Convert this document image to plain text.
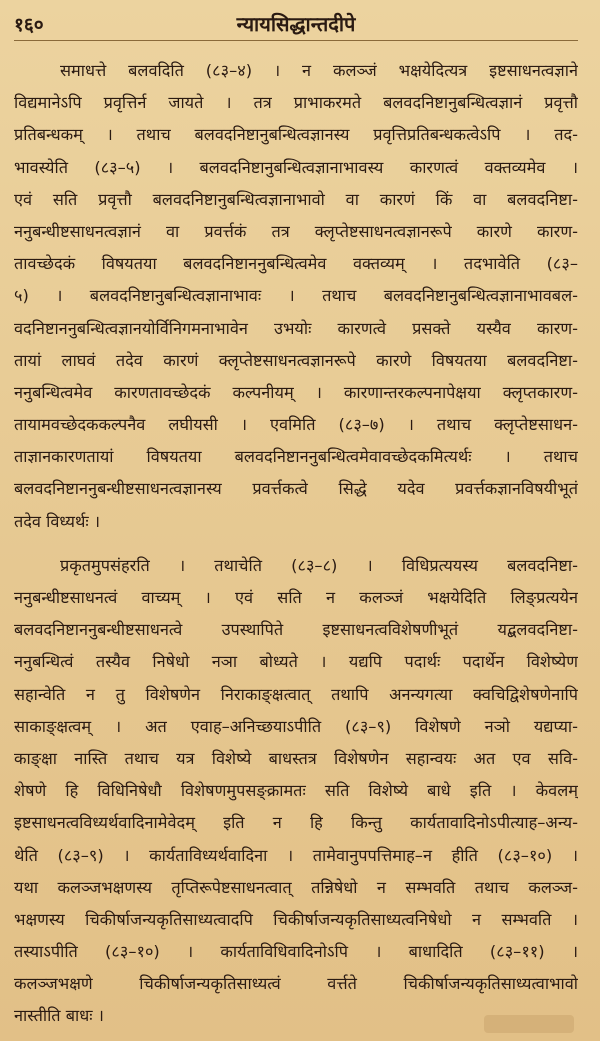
१६०	न्यायसिद्धान्तदीपे
समाधत्ते बलवदिति (८३–४) । न कलञ्जं भक्षयेदित्यत्र इष्टसाधनत्वज्ञाने
विद्यमानेऽपि प्रवृत्तिर्न जायते । तत्र प्राभाकरमते बलवदनिष्टानुबन्धित्वज्ञानं प्रवृत्तौ
प्रतिबन्धकम् । तथाच बलवदनिष्टानुबन्धित्वज्ञानस्य प्रवृत्तिप्रतिबन्धकत्वेऽपि । तद-
भावस्येति (८३–५) । बलवदनिष्टानुबन्धित्वज्ञानाभावस्य कारणत्वं वक्तव्यमेव ।
एवं सति प्रवृत्तौ बलवदनिष्टानुबन्धित्वज्ञानाभावो वा कारणं किं वा बलवदनिष्टा-
ननुबन्धीष्टसाधनत्वज्ञानं वा प्रवर्त्तकं तत्र क्लृप्तेष्टसाधनत्वज्ञानरूपे कारणे कारण-
तावच्छेदकं विषयतया बलवदनिष्टाननुबन्धित्वमेव वक्तव्यम् । तदभावेति (८३–
५) । बलवदनिष्टानुबन्धित्वज्ञानाभावः । तथाच बलवदनिष्टानुबन्धित्वज्ञानाभावबल-
वदनिष्टाननुबन्धित्वज्ञानयोर्विनिगमनाभावेन उभयोः कारणत्वे प्रसक्ते यस्यैव कारण-
तायां लाघवं तदेव कारणं क्लृप्तेष्टसाधनत्वज्ञानरूपे कारणे विषयतया बलवदनिष्टा-
ननुबन्धित्वमेव कारणतावच्छेदकं कल्पनीयम् । कारणान्तरकल्पनापेक्षया क्लृप्तकारण-
तायामवच्छेदककल्पनैव लघीयसी । एवमिति (८३–७) । तथाच क्लृप्तेष्टसाधन-
ताज्ञानकारणतायां विषयतया बलवदनिष्टाननुबन्धित्वमेवावच्छेदकमित्यर्थः । तथाच
बलवदनिष्टाननुबन्धीष्टसाधनत्वज्ञानस्य प्रवर्त्तकत्वे सिद्धे यदेव प्रवर्त्तकज्ञानविषयीभूतं
तदेव विध्यर्थः ।
प्रकृतमुपसंहरति । तथाचेति (८३–८) । विधिप्रत्ययस्य बलवदनिष्टा-
ननुबन्धीष्टसाधनत्वं वाच्यम् । एवं सति न कलञ्जं भक्षयेदिति लिङ्प्रत्ययेन
बलवदनिष्टाननुबन्धीष्टसाधनत्वे उपस्थापिते इष्टसाधनत्वविशेषणीभूतं यद्बलवदनिष्टा-
ननुबन्धित्वं तस्यैव निषेधो नञा बोध्यते । यद्यपि पदार्थः पदार्थेन विशेष्येण
सहान्वेति न तु विशेषणेन निराकाङ्क्षत्वात् तथापि अनन्यगत्या क्वचिद्विशेषणेनापि
साकाङ्क्षत्वम् । अत एवाह–अनिच्छयाऽपीति (८३–९) विशेषणे नञो यद्यप्या-
काङ्क्षा नास्ति तथाच यत्र विशेष्ये बाधस्तत्र विशेषणेन सहान्वयः अत एव सवि-
शेषणे हि विधिनिषेधौ विशेषणमुपसङ्क्रामतः सति विशेष्ये बाधे इति । केवलम्
इष्टसाधनत्वविध्यर्थवादिनामेवेदम् इति न हि किन्तु कार्यतावादिनोऽपीत्याह–अन्य-
थेति (८३–९) । कार्यताविध्यर्थवादिना । तामेवानुपपत्तिमाह–न हीति (८३–१०) ।
यथा कलञ्जभक्षणस्य तृप्तिरूपेष्टसाधनत्वात् तन्निषेधो न सम्भवति तथाच कलञ्ज-
भक्षणस्य चिकीर्षाजन्यकृतिसाध्यत्वादपि चिकीर्षाजन्यकृतिसाध्यत्वनिषेधो न सम्भवति ।
तस्याऽपीति (८३–१०) । कार्यताविधिवादिनोऽपि । बाधादिति (८३–११) ।
कलञ्जभक्षणे चिकीर्षाजन्यकृतिसाध्यत्वं वर्त्तते चिकीर्षाजन्यकृतिसाध्यत्वाभावो
नास्तीति बाधः ।
